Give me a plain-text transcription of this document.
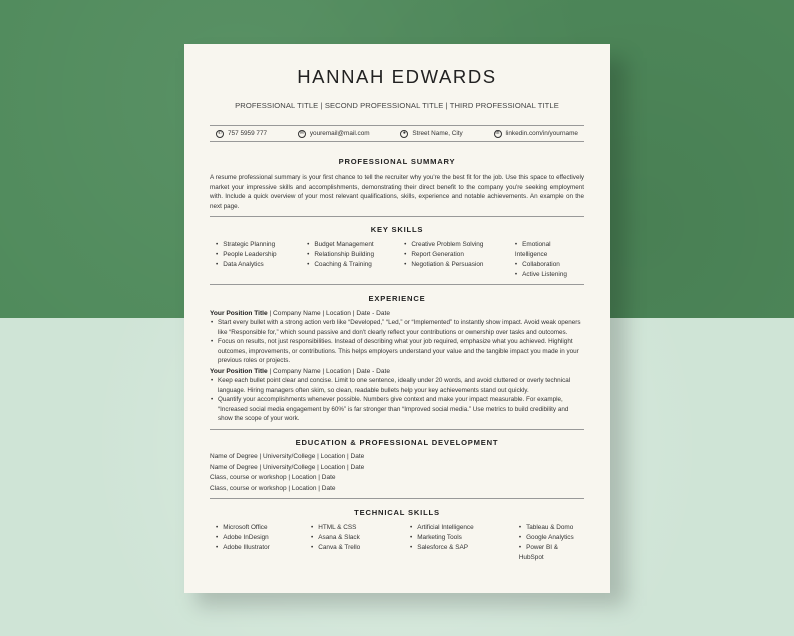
HANNAH EDWARDS
PROFESSIONAL TITLE | SECOND PROFESSIONAL TITLE | THIRD PROFESSIONAL TITLE
✆ 757 5959 777	✉ youremail@mail.com	●	Street Name, City	in linkedin.com/in/yourname
PROFESSIONAL SUMMARY
A resume professional summary is your first chance to tell the recruiter why you're the best fit for the job. Use this space to effectively market your impressive skills and accomplishments, demonstrating their direct benefit to the company you're seeking employment with. Include a quick overview of your most relevant qualifications, skills, experience and notable achievements. An example on the next page.
KEY SKILLS
• Strategic Planning
• People Leadership
• Data Analytics
• Budget Management
• Relationship Building
• Coaching & Training
• Creative Problem Solving
• Report Generation
• Negotiation & Persuasion
• Emotional Intelligence
• Collaboration
• Active Listening
EXPERIENCE
Your Position Title | Company Name | Location | Date - Date
• Start every bullet with a strong action verb like “Developed,” “Led,” or “Implemented” to instantly show impact. Avoid weak openers like “Responsible for,” which sound passive and don't clearly reflect your contributions or ownership over tasks and outcomes.
• Focus on results, not just responsibilities. Instead of describing what your job required, emphasize what you achieved. Highlight outcomes, improvements, or contributions. This helps employers understand your value and the tangible impact you made in your previous roles or projects.
Your Position Title | Company Name | Location | Date - Date
• Keep each bullet point clear and concise. Limit to one sentence, ideally under 20 words, and avoid cluttered or overly technical language. Hiring managers often skim, so clean, readable bullets help your key achievements stand out quickly.
• Quantify your accomplishments whenever possible. Numbers give context and make your impact measurable. For example, “Increased social media engagement by 60%” is far stronger than “Improved social media.” Use metrics to build credibility and show the scope of your work.
EDUCATION & PROFESSIONAL DEVELOPMENT
Name of Degree | University/College | Location | Date
Name of Degree | University/College | Location | Date
Class, course or workshop | Location | Date
Class, course or workshop | Location | Date
TECHNICAL SKILLS
• Microsoft Office
• Adobe InDesign
• Adobe Illustrator
• HTML & CSS
• Asana & Slack
• Canva & Trello
• Artificial Intelligence
• Marketing Tools
• Salesforce & SAP
• Tableau & Domo
• Google Analytics
• Power BI & HubSpot
